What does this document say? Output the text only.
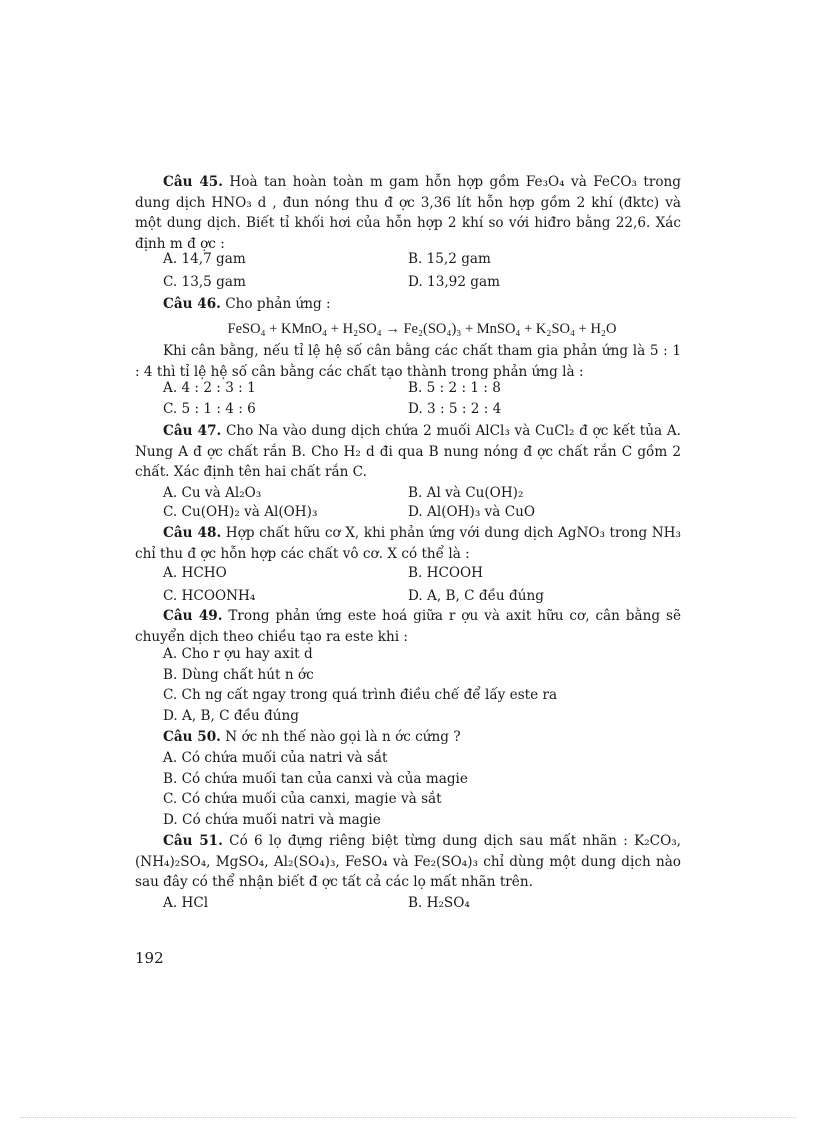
Câu 45. Hoà tan hoàn toàn m gam hỗn hợp gồm Fe₃O₄ và FeCO₃ trong dung dịch HNO₃ d , đun nóng thu đ ợc 3,36 lít hỗn hợp gồm 2 khí (đktc) và một dung dịch. Biết tỉ khối hơi của hỗn hợp 2 khí so với hiđro bằng 22,6. Xác định m đ ợc :
A. 14,7 gam	B. 15,2 gam
C. 13,5 gam	D. 13,92 gam
Câu 46. Cho phản ứng :
FeSO₄ + KMnO₄ + H₂SO₄ → Fe₂(SO₄)₃ + MnSO₄ + K₂SO₄ + H₂O
Khi cân bằng, nếu tỉ lệ hệ số cân bằng các chất tham gia phản ứng là 5 : 1 : 4 thì tỉ lệ hệ số cân bằng các chất tạo thành trong phản ứng là :
A. 4 : 2 : 3 : 1	B. 5 : 2 : 1 : 8
C. 5 : 1 : 4 : 6	D. 3 : 5 : 2 : 4
Câu 47. Cho Na vào dung dịch chứa 2 muối AlCl₃ và CuCl₂ đ ợc kết tủa A. Nung A đ ợc chất rắn B. Cho H₂ d đi qua B nung nóng đ ợc chất rắn C gồm 2 chất. Xác định tên hai chất rắn C.
A. Cu và Al₂O₃	B. Al và Cu(OH)₂
C. Cu(OH)₂ và Al(OH)₃	D. Al(OH)₃ và CuO
Câu 48. Hợp chất hữu cơ X, khi phản ứng với dung dịch AgNO₃ trong NH₃ chỉ thu đ ợc hỗn hợp các chất vô cơ. X có thể là :
A. HCHO	B. HCOOH
C. HCOONH₄	D. A, B, C đều đúng
Câu 49. Trong phản ứng este hoá giữa r ợu và axit hữu cơ, cân bằng sẽ chuyển dịch theo chiều tạo ra este khi :
A. Cho r ợu hay axit d
B. Dùng chất hút n ớc
C. Ch ng cất ngay trong quá trình điều chế để lấy este ra
D. A, B, C đều đúng
Câu 50. N ớc nh thế nào gọi là n ớc cứng ?
A. Có chứa muối của natri và sắt
B. Có chứa muối tan của canxi và của magie
C. Có chứa muối của canxi, magie và sắt
D. Có chứa muối natri và magie
Câu 51. Có 6 lọ đựng riêng biệt từng dung dịch sau mất nhãn : K₂CO₃, (NH₄)₂SO₄, MgSO₄, Al₂(SO₄)₃, FeSO₄ và Fe₂(SO₄)₃ chỉ dùng một dung dịch nào sau đây có thể nhận biết đ ợc tất cả các lọ mất nhãn trên.
A. HCl	B. H₂SO₄
192
